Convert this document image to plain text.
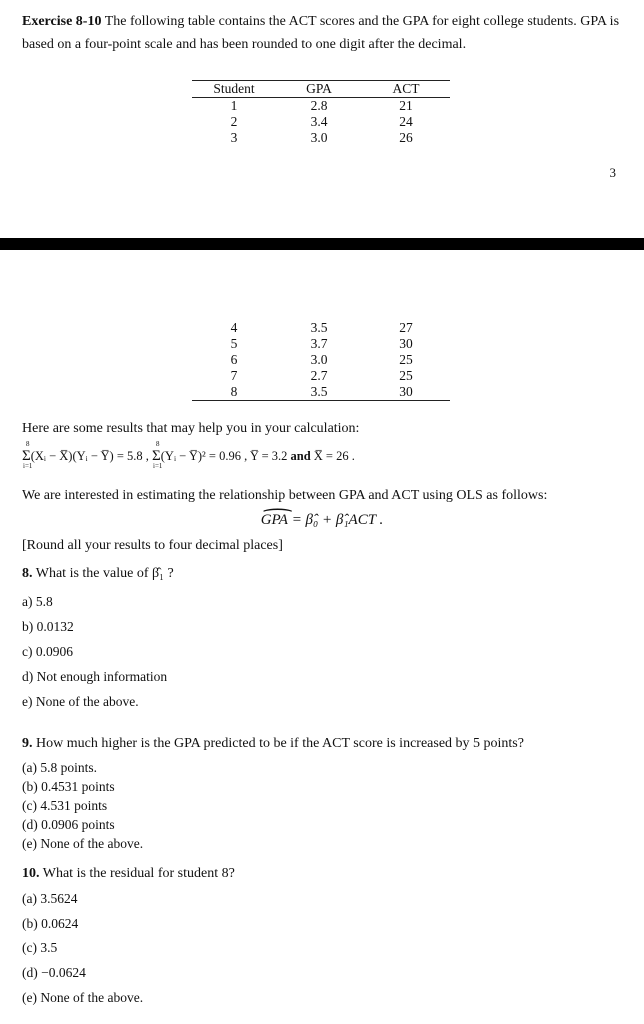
Exercise 8-10 The following table contains the ACT scores and the GPA for eight college students. GPA is based on a four-point scale and has been rounded to one digit after the decimal.
Student	GPA	ACT
1	2.8	21
2	3.4	24
3	3.0	26
3
4	3.5	27
5	3.7	30
6	3.0	25
7	2.7	25
8	3.5	30
Here are some results that may help you in your calculation:
Σ
8
i=1
(Xᵢ − X̅)(Yᵢ − Y̅) = 5.8 , Σ
8
i=1
(Yᵢ − Y̅)² = 0.96 , Y̅ = 3.2 and X̅ = 26 .
We are interested in estimating the relationship between GPA and ACT using OLS as follows:
⌢ GPA = β̂₀ + β̂₁ACT .
[Round all your results to four decimal places]
8. What is the value of β̂₁ ?
a) 5.8
b) 0.0132
c) 0.0906
d) Not enough information
e) None of the above.
9. How much higher is the GPA predicted to be if the ACT score is increased by 5 points?
(a) 5.8 points.
(b) 0.4531 points
(c) 4.531 points
(d) 0.0906 points
(e) None of the above.
10. What is the residual for student 8?
(a) 3.5624
(b) 0.0624
(c) 3.5
(d) −0.0624
(e) None of the above.
